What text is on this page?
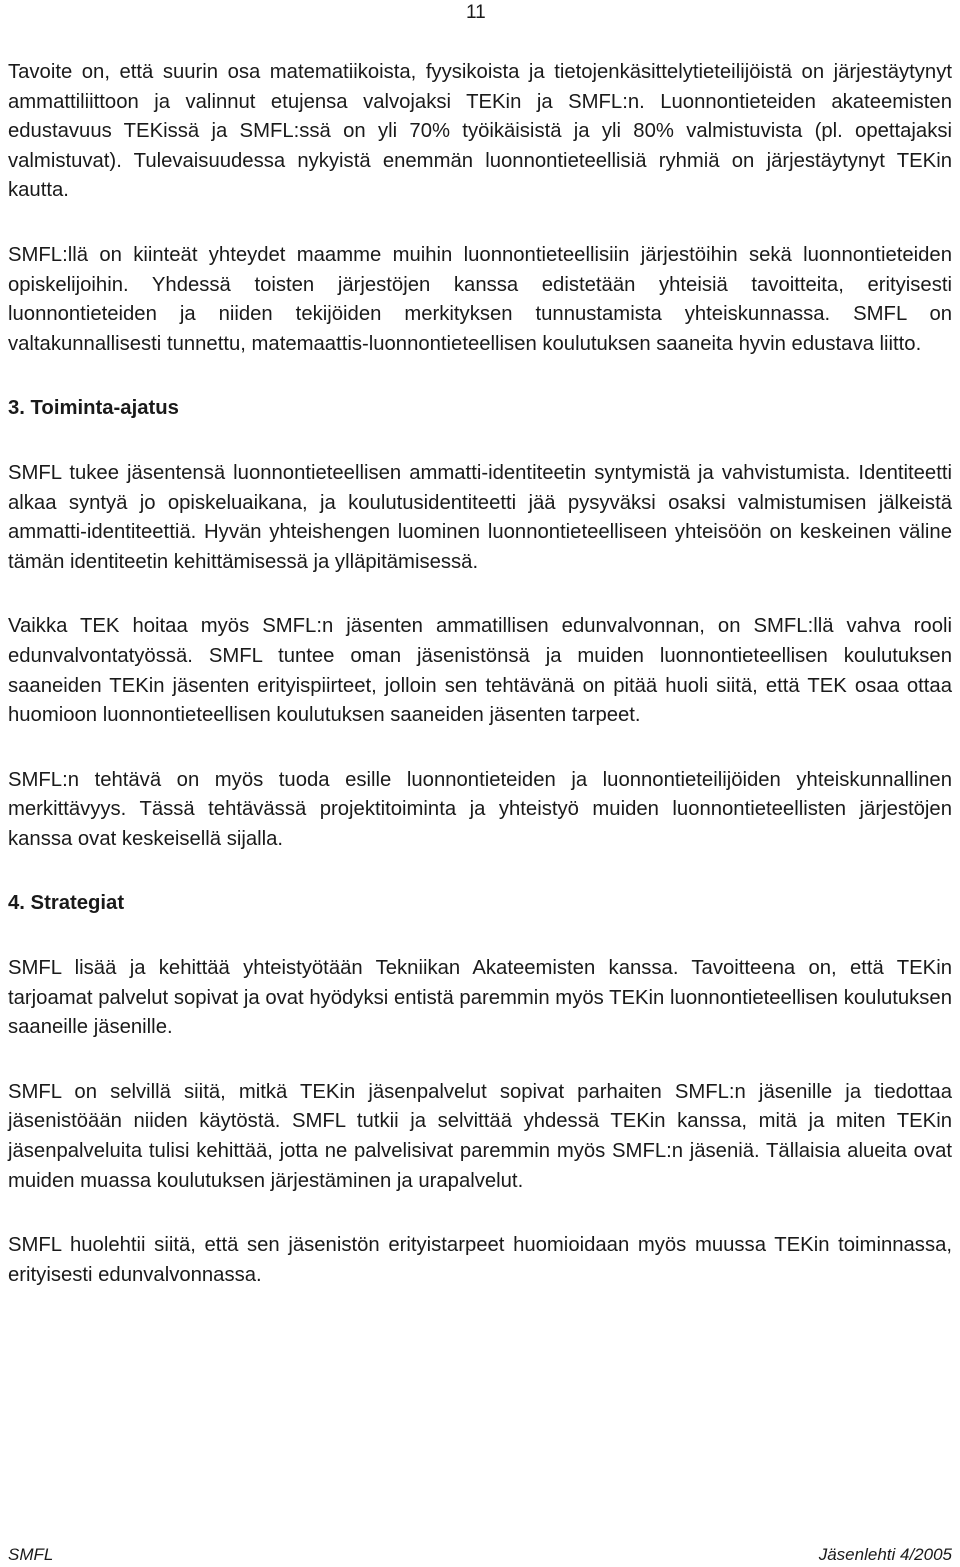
11

Tavoite on, että suurin osa matematiikoista, fyysikoista ja tietojenkäsittelytieteilijöistä on järjestäytynyt ammattiliittoon ja valinnut etujensa valvojaksi TEKin ja SMFL:n. Luonnontieteiden akateemisten edustavuus TEKissä ja SMFL:ssä on yli 70% työikäisistä ja yli 80% valmistuvista (pl. opettajaksi valmistuvat). Tulevaisuudessa nykyistä enemmän luonnontieteellisiä ryhmiä on järjestäytynyt TEKin kautta.

SMFL:llä on kiinteät yhteydet maamme muihin luonnontieteellisiin järjestöihin sekä luonnontieteiden opiskelijoihin. Yhdessä toisten järjestöjen kanssa edistetään yhteisiä tavoitteita, erityisesti luonnontieteiden ja niiden tekijöiden merkityksen tunnustamista yhteiskunnassa. SMFL on valtakunnallisesti tunnettu, matemaattis-luonnontieteellisen koulutuksen saaneita hyvin edustava liitto.

3. Toiminta-ajatus

SMFL tukee jäsentensä luonnontieteellisen ammatti-identiteetin syntymistä ja vahvistumista. Identiteetti alkaa syntyä jo opiskeluaikana, ja koulutusidentiteetti jää pysyväksi osaksi valmistumisen jälkeistä ammatti-identiteettiä. Hyvän yhteishengen luominen luonnontieteelliseen yhteisöön on keskeinen väline tämän identiteetin kehittämisessä ja ylläpitämisessä.

Vaikka TEK hoitaa myös SMFL:n jäsenten ammatillisen edunvalvonnan, on SMFL:llä vahva rooli edunvalvontatyössä. SMFL tuntee oman jäsenistönsä ja muiden luonnontieteellisen koulutuksen saaneiden TEKin jäsenten erityispiirteet, jolloin sen tehtävänä on pitää huoli siitä, että TEK osaa ottaa huomioon luonnontieteellisen koulutuksen saaneiden jäsenten tarpeet.

SMFL:n tehtävä on myös tuoda esille luonnontieteiden ja luonnontieteilijöiden yhteiskunnallinen merkittävyys. Tässä tehtävässä projektitoiminta ja yhteistyö muiden luonnontieteellisten järjestöjen kanssa ovat keskeisellä sijalla.

4. Strategiat

SMFL lisää ja kehittää yhteistyötään Tekniikan Akateemisten kanssa. Tavoitteena on, että TEKin tarjoamat palvelut sopivat ja ovat hyödyksi entistä paremmin myös TEKin luonnontieteellisen koulutuksen saaneille jäsenille.

SMFL on selvillä siitä, mitkä TEKin jäsenpalvelut sopivat parhaiten SMFL:n jäsenille ja tiedottaa jäsenistöään niiden käytöstä. SMFL tutkii ja selvittää yhdessä TEKin kanssa, mitä ja miten TEKin jäsenpalveluita tulisi kehittää, jotta ne palvelisivat paremmin myös SMFL:n jäseniä. Tällaisia alueita ovat muiden muassa koulutuksen järjestäminen ja urapalvelut.

SMFL huolehtii siitä, että sen jäsenistön erityistarpeet huomioidaan myös muussa TEKin toiminnassa, erityisesti edunvalvonnassa.

SMFL	Jäsenlehti 4/2005
